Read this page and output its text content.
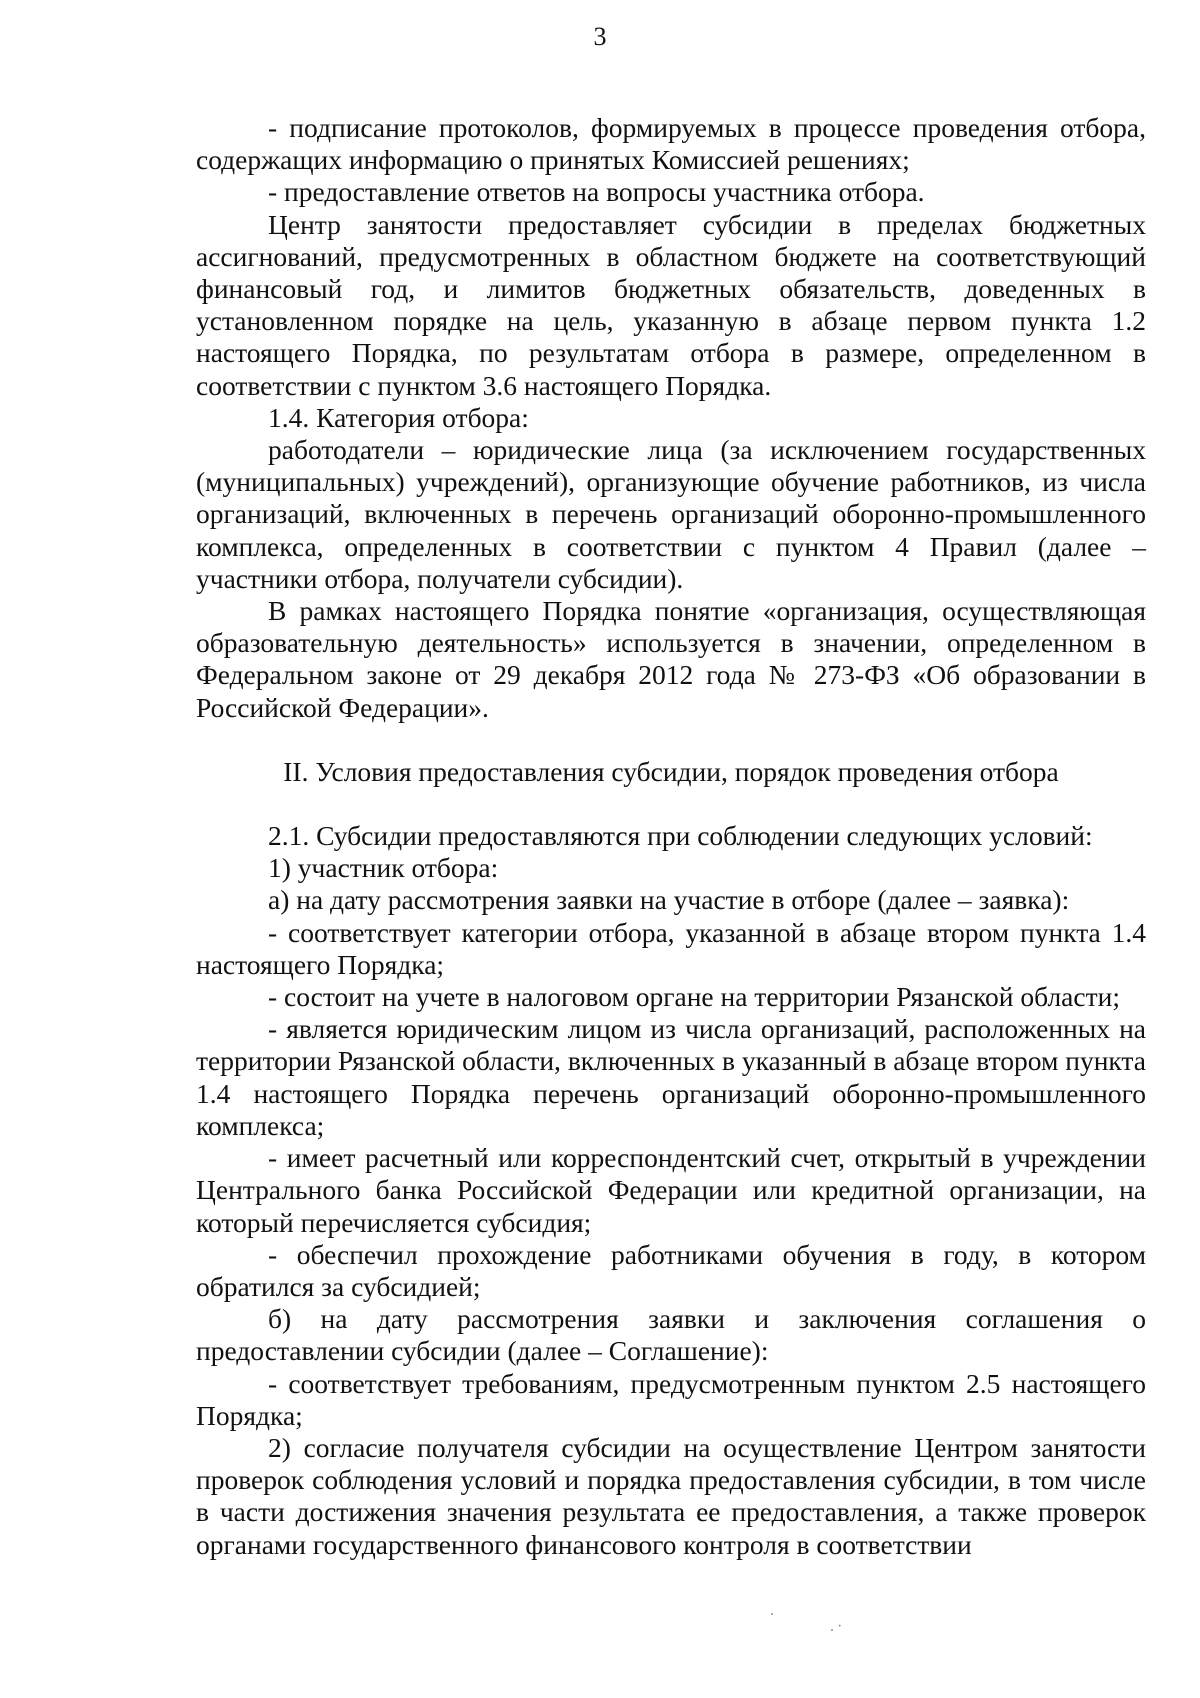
3

- подписание протоколов, формируемых в процессе проведения отбора, содержащих информацию о принятых Комиссией решениях;

- предоставление ответов на вопросы участника отбора.

Центр занятости предоставляет субсидии в пределах бюджетных ассигнований, предусмотренных в областном бюджете на соответствующий финансовый год, и лимитов бюджетных обязательств, доведенных в установленном порядке на цель, указанную в абзаце первом пункта 1.2 настоящего Порядка, по результатам отбора в размере, определенном в соответствии с пунктом 3.6 настоящего Порядка.

1.4. Категория отбора:

работодатели – юридические лица (за исключением государственных (муниципальных) учреждений), организующие обучение работников, из числа организаций, включенных в перечень организаций оборонно-промышленного комплекса, определенных в соответствии с пунктом 4 Правил (далее – участники отбора, получатели субсидии).

В рамках настоящего Порядка понятие «организация, осуществляющая образовательную деятельность» используется в значении, определенном в Федеральном законе от 29 декабря 2012 года № 273-ФЗ «Об образовании в Российской Федерации».

II. Условия предоставления субсидии, порядок проведения отбора

2.1. Субсидии предоставляются при соблюдении следующих условий:

1) участник отбора:

а) на дату рассмотрения заявки на участие в отборе (далее – заявка):

- соответствует категории отбора, указанной в абзаце втором пункта 1.4 настоящего Порядка;

- состоит на учете в налоговом органе на территории Рязанской области;

- является юридическим лицом из числа организаций, расположенных на территории Рязанской области, включенных в указанный в абзаце втором пункта 1.4 настоящего Порядка перечень организаций оборонно-промышленного комплекса;

- имеет расчетный или корреспондентский счет, открытый в учреждении Центрального банка Российской Федерации или кредитной организации, на который перечисляется субсидия;

- обеспечил прохождение работниками обучения в году, в котором обратился за субсидией;

б) на дату рассмотрения заявки и заключения соглашения о предоставлении субсидии (далее – Соглашение):

- соответствует требованиям, предусмотренным пунктом 2.5 настоящего Порядка;

2) согласие получателя субсидии на осуществление Центром занятости проверок соблюдения условий и порядка предоставления субсидии, в том числе в части достижения значения результата ее предоставления, а также проверок органами государственного финансового контроля в соответствии

.
.·
